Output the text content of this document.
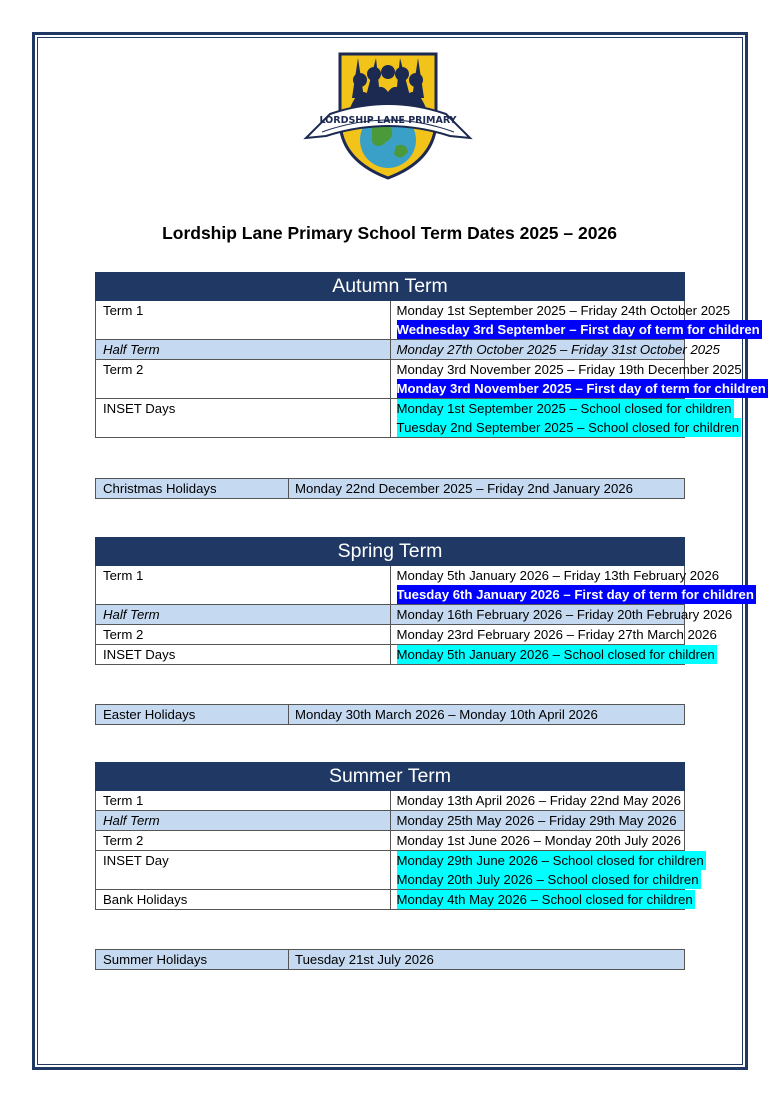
LORDSHIP LANE PRIMARY
Lordship Lane Primary School Term Dates 2025 – 2026
Autumn Term	

Term 1	Monday 1st September 2025 – Friday 24th October 2025
Wednesday 3rd September – First day of term for children

Half Term	Monday 27th October 2025 – Friday 31st October 2025

Term 2	Monday 3rd November 2025 – Friday 19th December 2025
Monday 3rd November 2025 – First day of term for children

INSET Days	Monday 1st September 2025 – School closed for children
Tuesday 2nd September 2025 – School closed for children
Christmas Holidays	Monday 22nd December 2025 – Friday 2nd January 2026
Spring Term	

Term 1	Monday 5th January 2026 – Friday 13th February 2026
Tuesday 6th January 2026 – First day of term for children

Half Term	Monday 16th February 2026 – Friday 20th February 2026

Term 2	Monday 23rd February 2026 – Friday 27th March 2026

INSET Days	Monday 5th January 2026 – School closed for children
Easter Holidays	Monday 30th March 2026 – Monday 10th April 2026
Summer Term	

Term 1	Monday 13th April 2026 – Friday 22nd May 2026

Half Term	Monday 25th May 2026 – Friday 29th May 2026

Term 2	Monday 1st June 2026 – Monday 20th July 2026

INSET Day	Monday 29th June 2026 – School closed for children
Monday 20th July 2026 – School closed for children

Bank Holidays	Monday 4th May 2026 – School closed for children
Summer Holidays	Tuesday 21st July 2026
